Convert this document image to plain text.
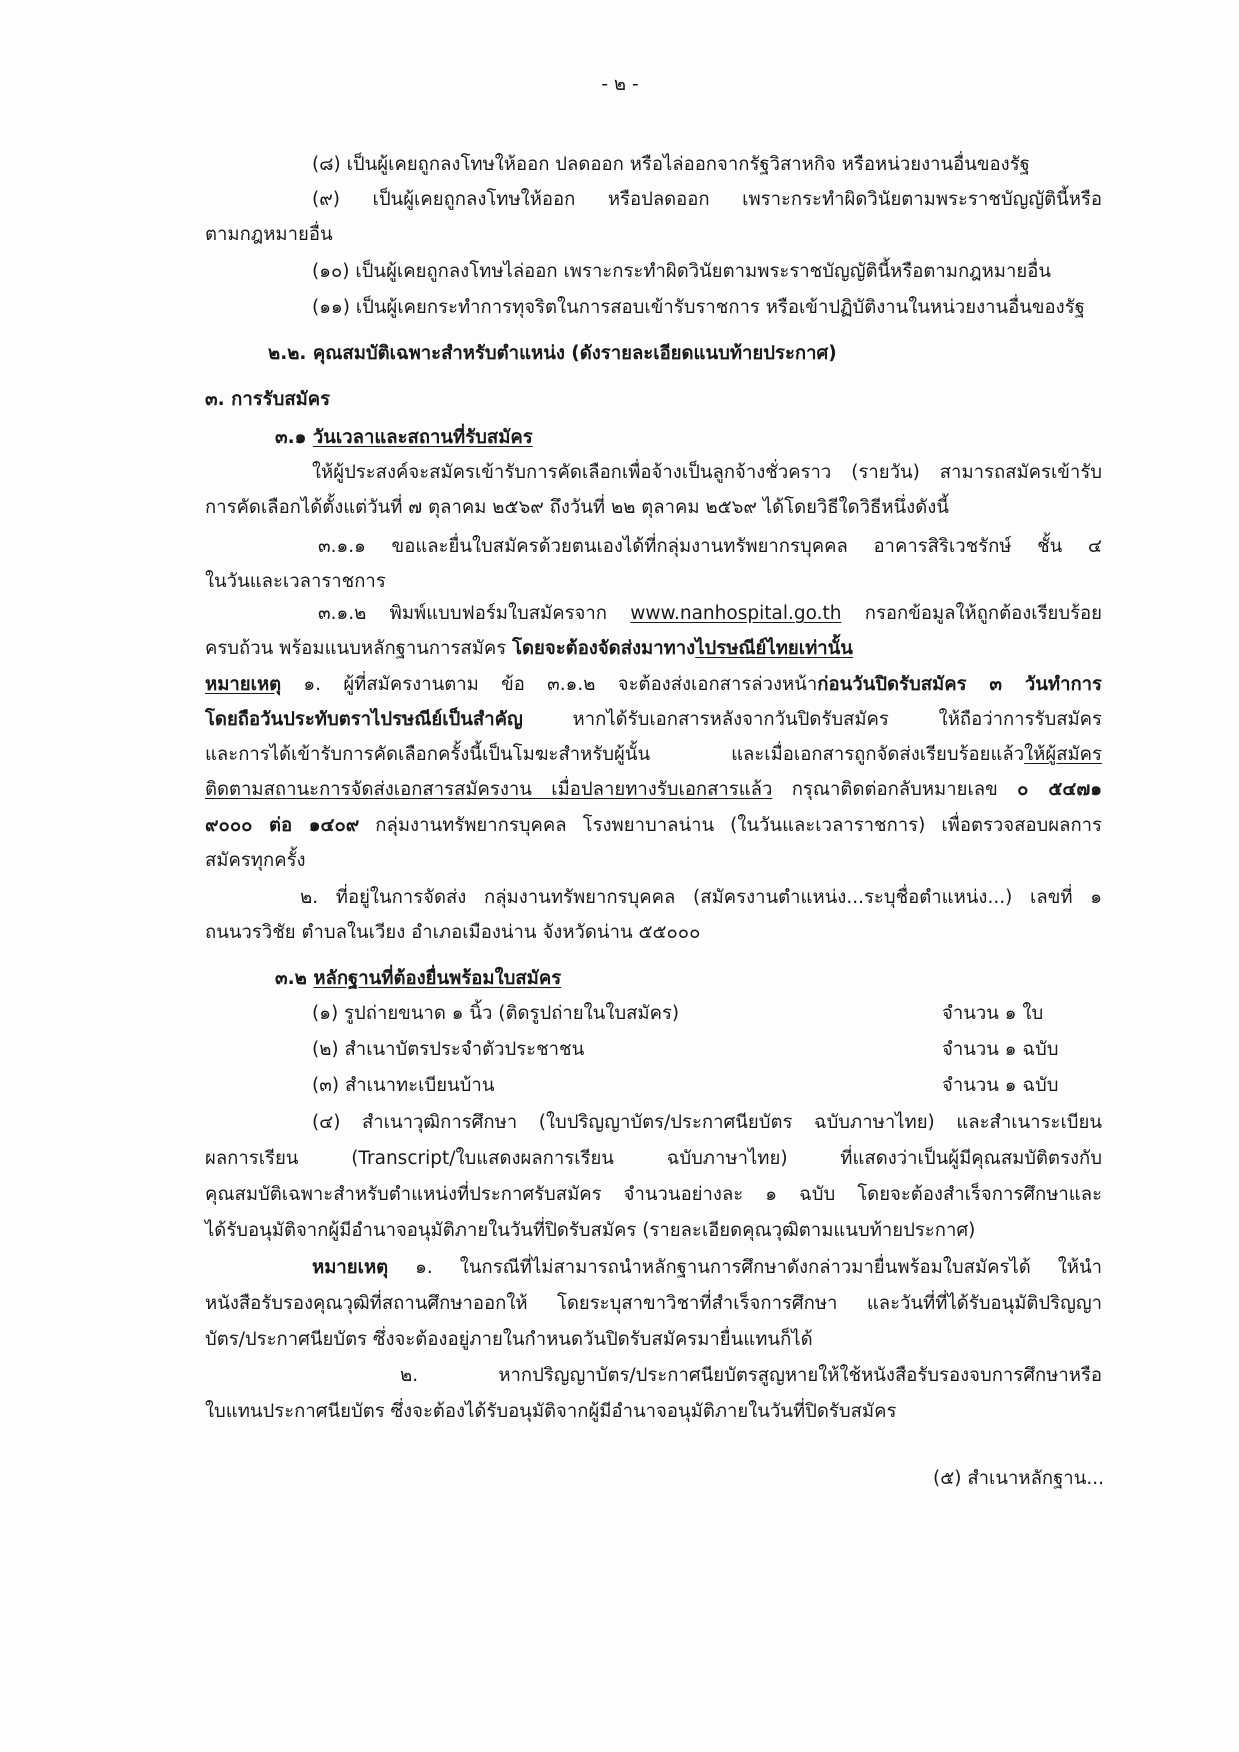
- ๒ -
(๘) เป็นผู้เคยถูกลงโทษให้ออก ปลดออก หรือไล่ออกจากรัฐวิสาหกิจ หรือหน่วยงานอื่นของรัฐ
(๙) เป็นผู้เคยถูกลงโทษให้ออก หรือปลดออก เพราะกระทำผิดวินัยตามพระราชบัญญัตินี้หรือ
ตามกฎหมายอื่น
(๑๐) เป็นผู้เคยถูกลงโทษไล่ออก เพราะกระทำผิดวินัยตามพระราชบัญญัตินี้หรือตามกฎหมายอื่น
(๑๑) เป็นผู้เคยกระทำการทุจริตในการสอบเข้ารับราชการ หรือเข้าปฏิบัติงานในหน่วยงานอื่นของรัฐ
๒.๒. คุณสมบัติเฉพาะสำหรับตำแหน่ง (ดังรายละเอียดแนบท้ายประกาศ)
๓. การรับสมัคร
๓.๑ วันเวลาและสถานที่รับสมัคร
ให้ผู้ประสงค์จะสมัครเข้ารับการคัดเลือกเพื่อจ้างเป็นลูกจ้างชั่วคราว (รายวัน) สามารถสมัครเข้ารับ
การคัดเลือกได้ตั้งแต่วันที่ ๗ ตุลาคม ๒๕๖๙ ถึงวันที่ ๒๒ ตุลาคม ๒๕๖๙ ได้โดยวิธีใดวิธีหนึ่งดังนี้
๓.๑.๑ ขอและยื่นใบสมัครด้วยตนเองได้ที่กลุ่มงานทรัพยากรบุคคล อาคารสิริเวชรักษ์ ชั้น ๔
ในวันและเวลาราชการ
๓.๑.๒ พิมพ์แบบฟอร์มใบสมัครจาก www.nanhospital.go.th กรอกข้อมูลให้ถูกต้องเรียบร้อย
ครบถ้วน พร้อมแนบหลักฐานการสมัคร โดยจะต้องจัดส่งมาทางไปรษณีย์ไทยเท่านั้น
หมายเหตุ ๑. ผู้ที่สมัครงานตาม ข้อ ๓.๑.๒ จะต้องส่งเอกสารล่วงหน้าก่อนวันปิดรับสมัคร ๓ วันทำการ
โดยถือวันประทับตราไปรษณีย์เป็นสำคัญ หากได้รับเอกสารหลังจากวันปิดรับสมัคร ให้ถือว่าการรับสมัคร
และการได้เข้ารับการคัดเลือกครั้งนี้เป็นโมฆะสำหรับผู้นั้น และเมื่อเอกสารถูกจัดส่งเรียบร้อยแล้วให้ผู้สมัคร
ติดตามสถานะการจัดส่งเอกสารสมัครงาน เมื่อปลายทางรับเอกสารแล้ว กรุณาติดต่อกลับหมายเลข ๐ ๕๔๗๑
๙๐๐๐ ต่อ ๑๔๐๙ กลุ่มงานทรัพยากรบุคคล โรงพยาบาลน่าน (ในวันและเวลาราชการ) เพื่อตรวจสอบผลการ
สมัครทุกครั้ง
๒. ที่อยู่ในการจัดส่ง กลุ่มงานทรัพยากรบุคคล (สมัครงานตำแหน่ง...ระบุชื่อตำแหน่ง...) เลขที่ ๑
ถนนวรวิชัย ตำบลในเวียง อำเภอเมืองน่าน จังหวัดน่าน ๕๕๐๐๐
๓.๒ หลักฐานที่ต้องยื่นพร้อมใบสมัคร
(๑) รูปถ่ายขนาด ๑ นิ้ว (ติดรูปถ่ายในใบสมัคร)	จำนวน ๑ ใบ
(๒) สำเนาบัตรประจำตัวประชาชน	จำนวน ๑ ฉบับ
(๓) สำเนาทะเบียนบ้าน	จำนวน ๑ ฉบับ
(๔) สำเนาวุฒิการศึกษา (ใบปริญญาบัตร/ประกาศนียบัตร ฉบับภาษาไทย) และสำเนาระเบียน
ผลการเรียน (Transcript/ใบแสดงผลการเรียน ฉบับภาษาไทย) ที่แสดงว่าเป็นผู้มีคุณสมบัติตรงกับ
คุณสมบัติเฉพาะสำหรับตำแหน่งที่ประกาศรับสมัคร จำนวนอย่างละ ๑ ฉบับ โดยจะต้องสำเร็จการศึกษาและ
ได้รับอนุมัติจากผู้มีอำนาจอนุมัติภายในวันที่ปิดรับสมัคร (รายละเอียดคุณวุฒิตามแนบท้ายประกาศ)
หมายเหตุ ๑. ในกรณีที่ไม่สามารถนำหลักฐานการศึกษาดังกล่าวมายื่นพร้อมใบสมัครได้ ให้นำ
หนังสือรับรองคุณวุฒิที่สถานศึกษาออกให้ โดยระบุสาขาวิชาที่สำเร็จการศึกษา และวันที่ที่ได้รับอนุมัติปริญญา
บัตร/ประกาศนียบัตร ซึ่งจะต้องอยู่ภายในกำหนดวันปิดรับสมัครมายื่นแทนก็ได้
๒. หากปริญญาบัตร/ประกาศนียบัตรสูญหายให้ใช้หนังสือรับรองจบการศึกษาหรือ
ใบแทนประกาศนียบัตร ซึ่งจะต้องได้รับอนุมัติจากผู้มีอำนาจอนุมัติภายในวันที่ปิดรับสมัคร
(๕) สำเนาหลักฐาน...
